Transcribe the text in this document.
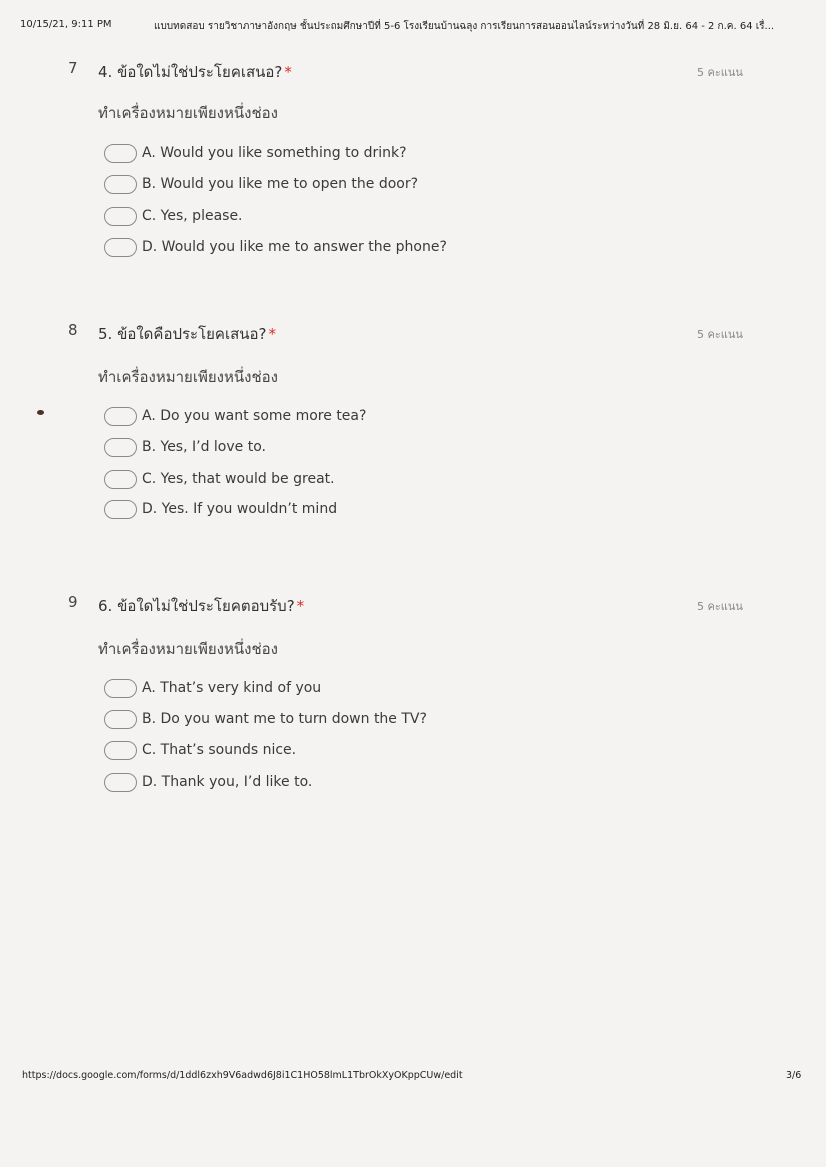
10/15/21, 9:11 PM	แบบทดสอบ รายวิชาภาษาอังกฤษ ชั้นประถมศึกษาปีที่ 5-6 โรงเรียนบ้านฉลุง การเรียนการสอนออนไลน์ระหว่างวันที่ 28 มิ.ย. 64 - 2 ก.ค. 64 เรื่...
7 4. ข้อใดไม่ใช่ประโยคเสนอ? *	5 คะแนน
ทำเครื่องหมายเพียงหนึ่งช่อง
A. Would you like something to drink?
B. Would you like me to open the door?
C. Yes, please.
D. Would you like me to answer the phone?
8 5. ข้อใดคือประโยคเสนอ? *	5 คะแนน
ทำเครื่องหมายเพียงหนึ่งช่อง
A. Do you want some more tea?
B. Yes, I’d love to.
C. Yes, that would be great.
D. Yes. If you wouldn’t mind
9 6. ข้อใดไม่ใช่ประโยคตอบรับ? *	5 คะแนน
ทำเครื่องหมายเพียงหนึ่งช่อง
A. That’s very kind of you
B. Do you want me to turn down the TV?
C. That’s sounds nice.
D. Thank you, I’d like to.
https://docs.google.com/forms/d/1ddl6zxh9V6adwd6J8i1C1HO58lmL1TbrOkXyOKppCUw/edit	3/6
